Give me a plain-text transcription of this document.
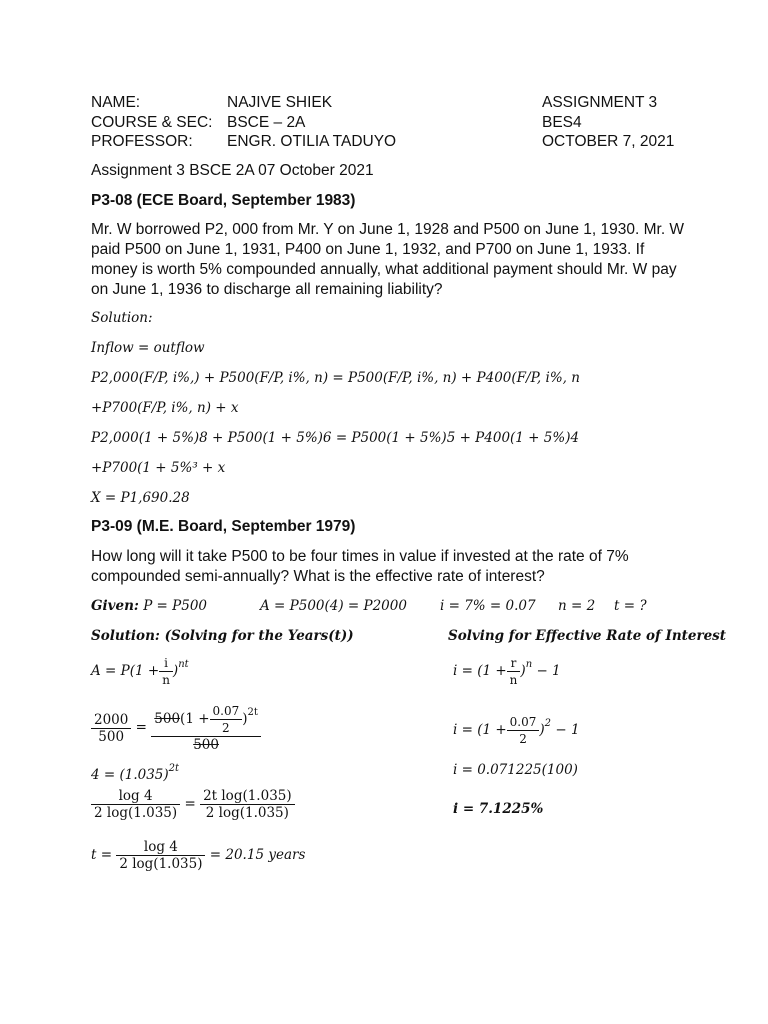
NAME:
COURSE & SEC:
PROFESSOR:
NAJIVE SHIEK
BSCE – 2A
ENGR. OTILIA TADUYO
ASSIGNMENT 3
BES4
OCTOBER 7, 2021
Assignment 3 BSCE 2A 07 October 2021
P3-08 (ECE Board, September 1983)
Mr. W borrowed P2, 000 from Mr. Y on June 1, 1928 and P500 on June 1, 1930. Mr. W paid P500 on June 1, 1931, P400 on June 1, 1932, and P700 on June 1, 1933. If money is worth 5% compounded annually, what additional payment should Mr. W pay on June 1, 1936 to discharge all remaining liability?
Solution:
Inflow = outflow
P2,000(F/P, i%,) + P500(F/P, i%, n) = P500(F/P, i%, n) + P400(F/P, i%, n
+P700(F/P, i%, n) + x
P2,000(1 + 5%)8 + P500(1 + 5%)6 = P500(1 + 5%)5 + P400(1 + 5%)4
+P700(1 + 5%³ + x
X = P1,690.28
P3-09 (M.E. Board, September 1979)
How long will it take P500 to be four times in value if invested at the rate of 7% compounded semi-annually? What is the effective rate of interest?
Given: P = P500	A = P500(4) = P2000 i = 7% = 0.07 n = 2 t = ?
Solution: (Solving for the Years(t))	Solving for Effective Rate of Interest
$A = P(1 + \frac{i}{n} )^{nt}$
$\frac{2000}{500} = \frac{500(1 + \frac{0.07}{2} )^{2t}}{500}$
$4 = (1.035)^{2t}$
$\frac{\log 4}{2 \log(1.035)} = \frac{\text{2t log(1.035)}}{2 \log(1.035)}$
$t = \frac{\log 4}{2 \log(1.035)} = 20.15$ years
$i = (1 + \frac{r}{n} )^n - 1$
$i = (1 + \frac{0.07}{2} )^2 - 1$
i = 0.071225(100)
i = 7.1225%
